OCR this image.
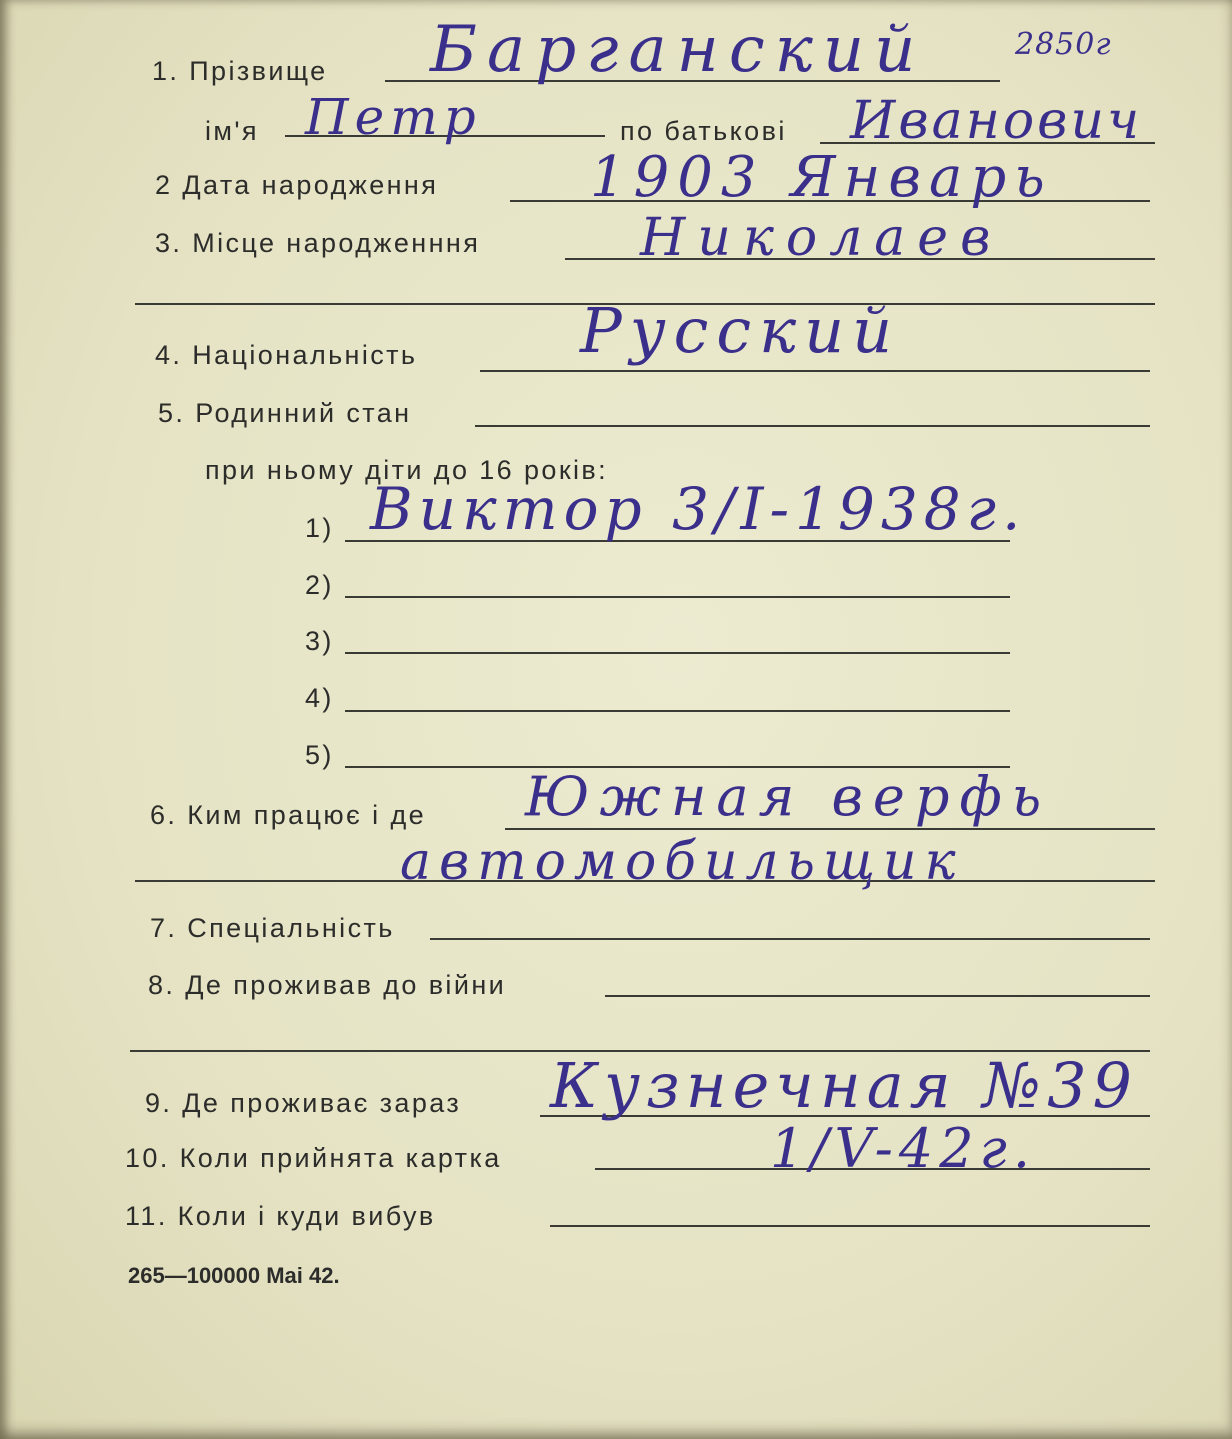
1. Прізвище Барганский	2850г
ім'я Петр	по батькові Иванович
2 Дата народження	1903 Январь
3. Місце народженння	Николаев
4. Національність	Русский
5. Родинний стан
при ньому діти до 16 років:
1) Виктор 3/I-1938г.
2)
3)
4)
5)
6. Ким працює і де Южная верфь
автомобильщик
7. Спеціальність
8. Де проживав до війни
9. Де проживає зараз Кузнечная №39
10. Коли прийнята картка	1/V-42г.
11. Коли і куди вибув
265—100000 Mai 42.
